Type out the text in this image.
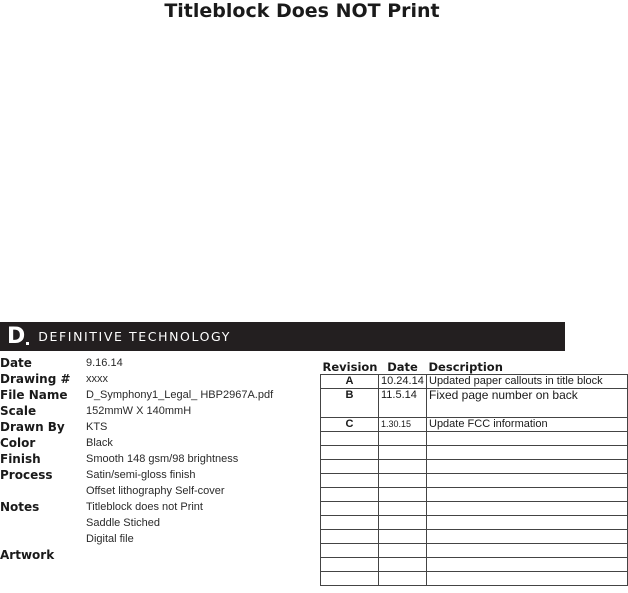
Titleblock Does NOT Print
D DEFINITIVE TECHNOLOGY
Date	9.16.14
Drawing #	xxxx
File Name	D_Symphony1_Legal_ HBP2967A.pdf
Scale	152mmW X 140mmH
Drawn By	KTS
Color	Black
Finish	Smooth 148 gsm/98 brightness
Process	Satin/semi-gloss finish
Offset lithography Self-cover
Notes	Titleblock does not Print
Saddle Stiched
Digital file
Artwork
Revision	Date	Description
A	10.24.14	Updated paper callouts in title block
B	11.5.14	Fixed page number on back
C	1.30.15	Update FCC information
